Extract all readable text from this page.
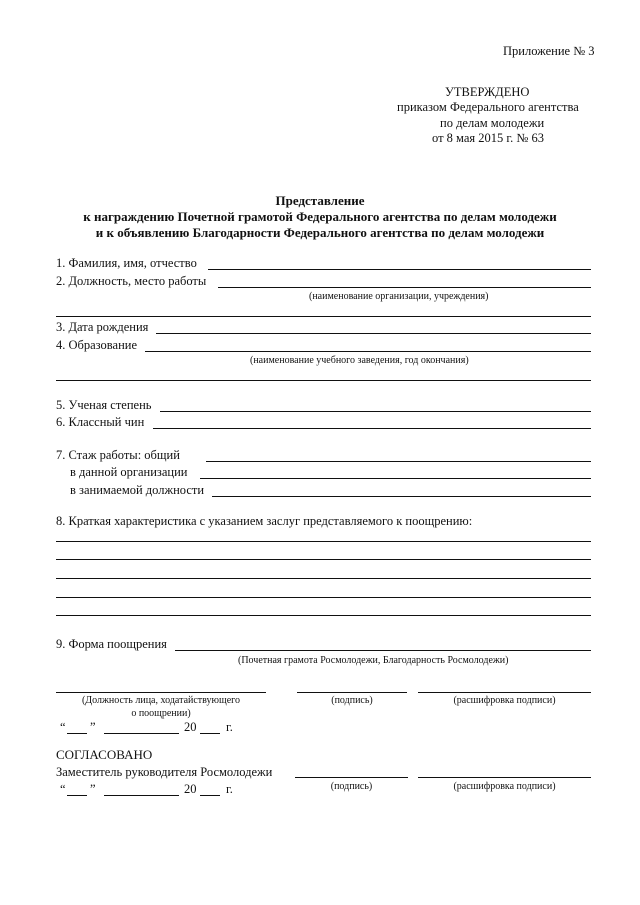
Приложение № 3
УТВЕРЖДЕНО
приказом Федерального агентства
по делам молодежи
от 8 мая 2015 г. № 63
Представление
к награждению Почетной грамотой Федерального агентства по делам молодежи
и к объявлению Благодарности Федерального агентства по делам молодежи
1. Фамилия, имя, отчество
2. Должность, место работы
(наименование организации, учреждения)
3. Дата рождения
4. Образование
(наименование учебного заведения, год окончания)
5. Ученая степень
6. Классный чин
7. Стаж работы: общий
в данной организации
в занимаемой должности
8. Краткая характеристика с указанием заслуг представляемого к поощрению:
9. Форма поощрения
(Почетная грамота Росмолодежи, Благодарность Росмолодежи)
(Должность лица, ходатайствующего
о поощрении)
(подпись)	(расшифровка подписи)
“ ”	20 г.
СОГЛАСОВАНО
Заместитель руководителя Росмолодежи
“ ”	20 г.	(подпись)	(расшифровка подписи)
